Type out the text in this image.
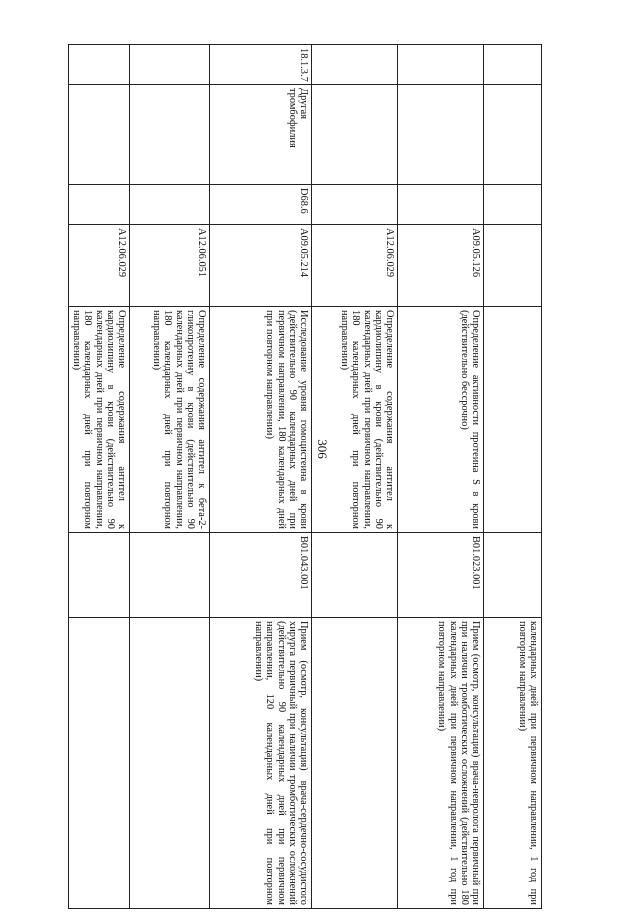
306
						календарных дней при первичном направлении, 1 год при повторном направлении)
			A09.05.126	Определение активности протеина S в крови (действительно бессрочно)	B01.023.001	Прием (осмотр, консультация) врача-невролога первичный при при наличии тромботических осложнений (действительно 180 календарных дней при первичном направлении, 1 год при повторном направлении)
			A12.06.029	Определение содержания антител к кардиолипину в крови (действительно 90 календарных дней при первичном направлении, 180 календарных дней при повторном направлении)		
18.1.3.7	Другая тромбофилия	D68.6	A09.05.214	Исследование уровня гомоцистеина в крови (действительно 90 календарных дней при первичном направлении, 180 календарных дней при повторном направлении)	B01.043.001	Прием (осмотр, консультация) врача-сердечно-сосудистого хирурга первичный при наличии тромботических осложнений (действительно 90 календарных дней при первичном направлении, 120 календарных дней при повторном направлении)
			A12.06.051	Определение содержания антител к бета-2-гликопротеину в крови (действительно 90 календарных дней при первичном направлении, 180 календарных дней при повторном направлении)		
			A12.06.029	Определение содержания антител к кардиолипину в крови (действительно 90 календарных дней при первичном направлении, 180 календарных дней при повторном направлении)		
